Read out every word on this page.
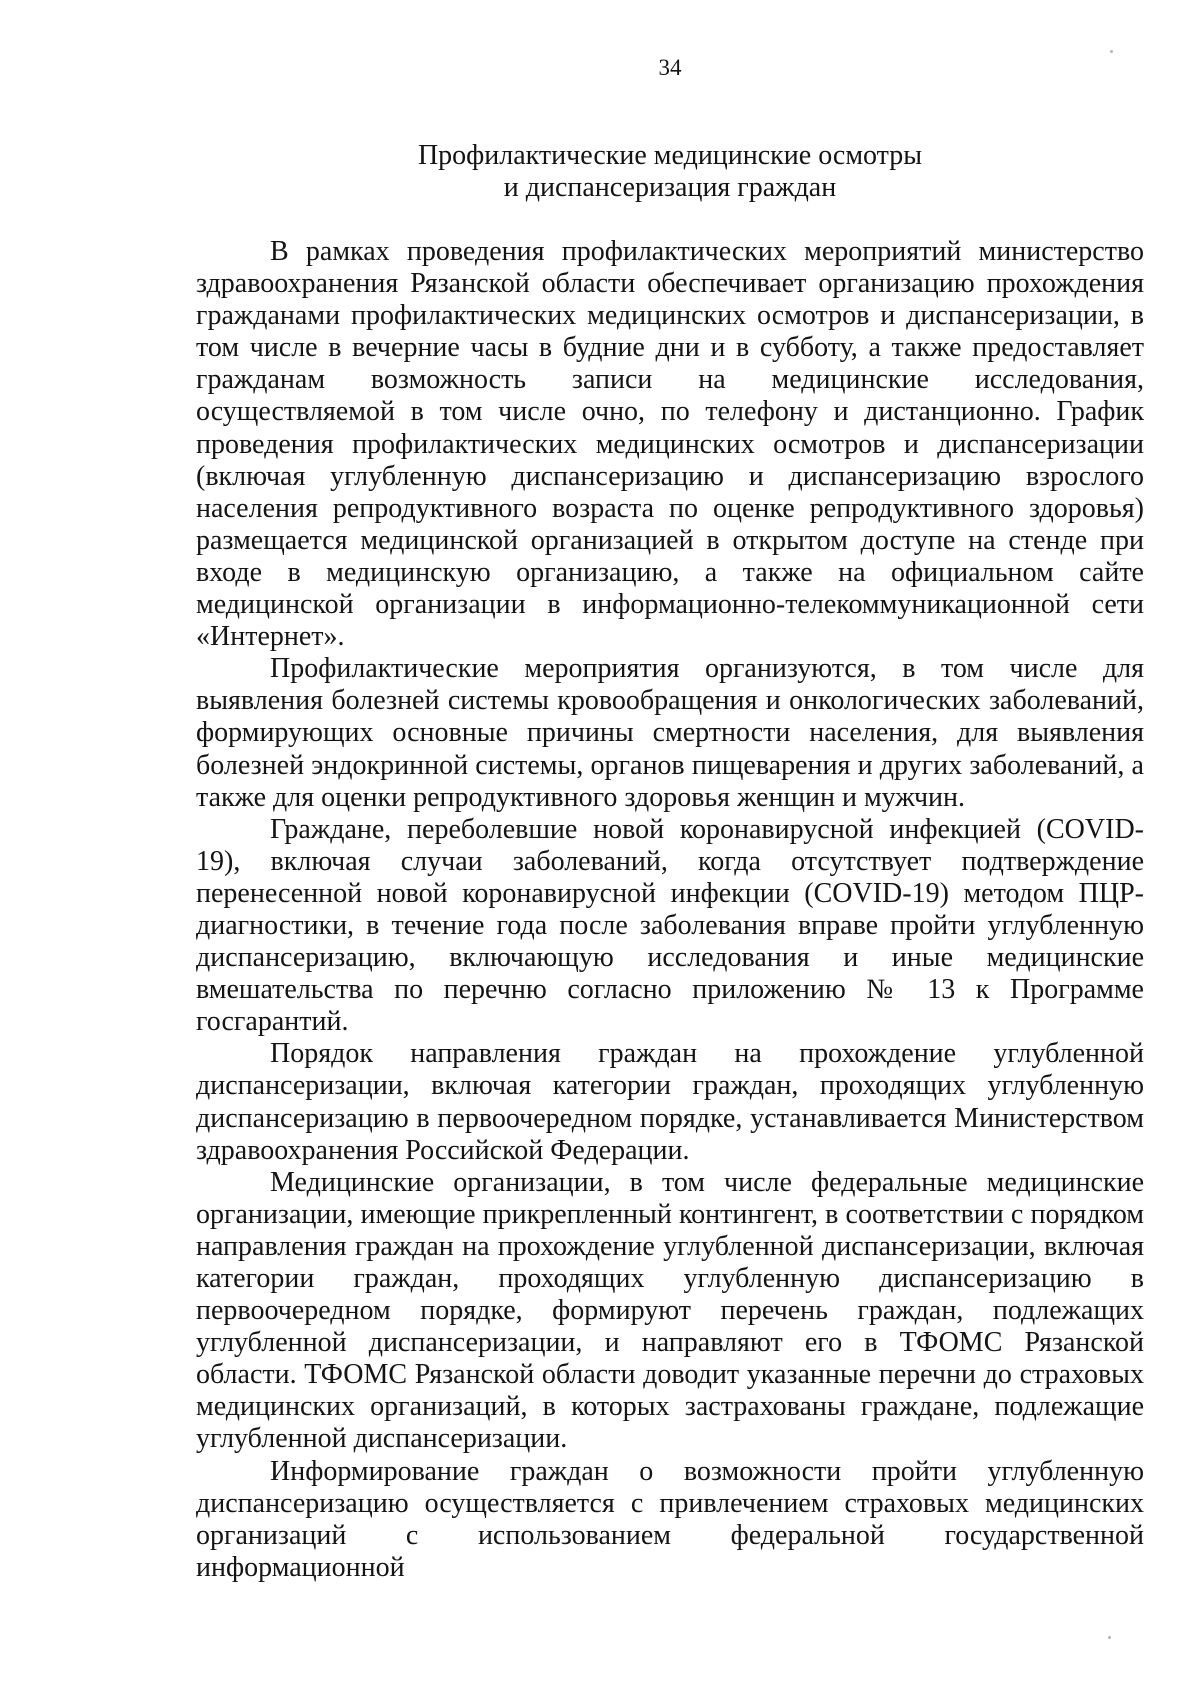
34
Профилактические медицинские осмотры
и диспансеризация граждан

В рамках проведения профилактических мероприятий министерство здравоохранения Рязанской области обеспечивает организацию прохождения гражданами профилактических медицинских осмотров и диспансеризации, в том числе в вечерние часы в будние дни и в субботу, а также предоставляет гражданам возможность записи на медицинские исследования, осуществляемой в том числе очно, по телефону и дистанционно. График проведения профилактических медицинских осмотров и диспансеризации (включая углубленную диспансеризацию и диспансеризацию взрослого населения репродуктивного возраста по оценке репродуктивного здоровья) размещается медицинской организацией в открытом доступе на стенде при входе в медицинскую организацию, а также на официальном сайте медицинской организации в информационно-телекоммуникационной сети «Интернет».

Профилактические мероприятия организуются, в том числе для выявления болезней системы кровообращения и онкологических заболеваний, формирующих основные причины смертности населения, для выявления болезней эндокринной системы, органов пищеварения и других заболеваний, а также для оценки репродуктивного здоровья женщин и мужчин.

Граждане, переболевшие новой коронавирусной инфекцией (COVID-19), включая случаи заболеваний, когда отсутствует подтверждение перенесенной новой коронавирусной инфекции (COVID-19) методом ПЦР-диагностики, в течение года после заболевания вправе пройти углубленную диспансеризацию, включающую исследования и иные медицинские вмешательства по перечню согласно приложению № 13 к Программе госгарантий.

Порядок направления граждан на прохождение углубленной диспансеризации, включая категории граждан, проходящих углубленную диспансеризацию в первоочередном порядке, устанавливается Министерством здравоохранения Российской Федерации.

Медицинские организации, в том числе федеральные медицинские организации, имеющие прикрепленный контингент, в соответствии с порядком направления граждан на прохождение углубленной диспансеризации, включая категории граждан, проходящих углубленную диспансеризацию в первоочередном порядке, формируют перечень граждан, подлежащих углубленной диспансеризации, и направляют его в ТФОМС Рязанской области. ТФОМС Рязанской области доводит указанные перечни до страховых медицинских организаций, в которых застрахованы граждане, подлежащие углубленной диспансеризации.

Информирование граждан о возможности пройти углубленную диспансеризацию осуществляется с привлечением страховых медицинских организаций с использованием федеральной государственной информационной
